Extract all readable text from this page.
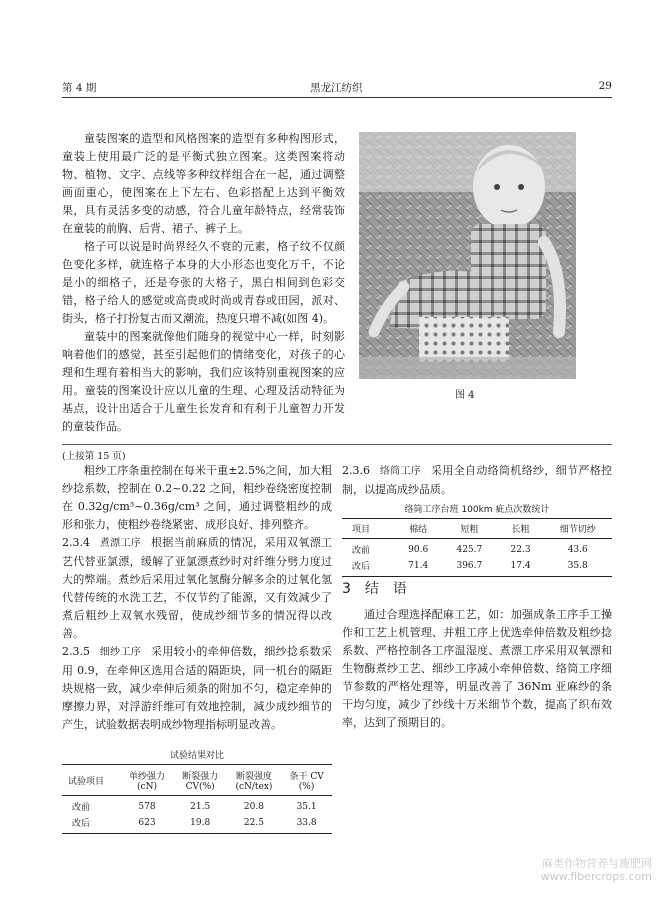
第 4 期	黑龙江纺织	29

童装图案的造型和风格图案的造型有多种构图形式，童装上使用最广泛的是平衡式独立图案。这类图案将动物、植物、文字、点线等多种纹样组合在一起，通过调整画面重心，使图案在上下左右、色彩搭配上达到平衡效果，具有灵活多变的动感，符合儿童年龄特点，经常装饰在童装的前胸、后背、裙子、裤子上。

格子可以说是时尚界经久不衰的元素，格子纹不仅颜色变化多样，就连格子本身的大小形态也变化万千，不论是小的细格子，还是夸张的大格子，黑白相间到色彩交错，格子给人的感觉或高贵或时尚或青春或田园，派对、街头，格子打扮复古而又潮流，热度只增不减(如图 4)。

童装中的图案就像他们随身的视觉中心一样，时刻影响着他们的感觉，甚至引起他们的情绪变化，对孩子的心理和生理有着相当大的影响，我们应该特别重视图案的应用。童装的图案设计应以儿童的生理、心理及活动特征为基点，设计出适合于儿童生长发育和有利于儿童智力开发的童装作品。

图 4
(上接第 15 页)

粗纱工序条重控制在每米干重±2.5%之间，加大粗纱捻系数，控制在 0.2~0.22 之间，粗纱卷绕密度控制在 0.32g/cm³~0.36g/cm³ 之间，通过调整粗纱的成形和张力，使粗纱卷绕紧密、成形良好、排列整齐。

2.3.4 煮漂工序 根据当前麻质的情况，采用双氧漂工艺代替亚氯漂，缓解了亚氯漂煮纱时对纤维分劈力度过大的弊端。煮纱后采用过氧化氢酶分解多余的过氧化氢代替传统的水洗工艺，不仅节约了能源，又有效减少了煮后粗纱上双氧水残留，使成纱细节多的情况得以改善。

2.3.5 细纱工序 采用较小的牵伸倍数，细纱捻系数采用 0.9，在牵伸区选用合适的隔距块，同一机台的隔距块规格一致，减少牵伸后须条的附加不匀，稳定牵伸的摩擦力界，对浮游纤维可有效地控制，减少成纱细节的产生，试验数据表明成纱物理指标明显改善。

试验结果对比
试验项目	单纱强力	断裂强力	断裂强度	条干 CV
	(cN)	CV(%)	(cN/tex)	(%)
改前	578	21.5	20.8	35.1
改后	623	19.8	22.5	33.8

2.3.6 络筒工序 采用全自动络筒机络纱，细节严格控制，以提高成纱品质。

络筒工序台班 100km 疵点次数统计
项目	棉结	短粗	长粗	细节切纱
改前	90.6	425.7	22.3	43.6
改后	71.4	396.7	17.4	35.8
3　结　语

通过合理选择配麻工艺，如：加强成条工序手工操作和工艺上机管理、并粗工序上优选牵伸倍数及粗纱捻系数、严格控制各工序温湿度、煮漂工序采用双氧漂和生物酶煮纱工艺、细纱工序减小牵伸倍数、络筒工序细节参数的严格处理等，明显改善了 36Nm 亚麻纱的条干均匀度，减少了纱线十万米细节个数，提高了织布效率，达到了预期目的。

麻类作物营养与施肥网
www.fibercrops.com
